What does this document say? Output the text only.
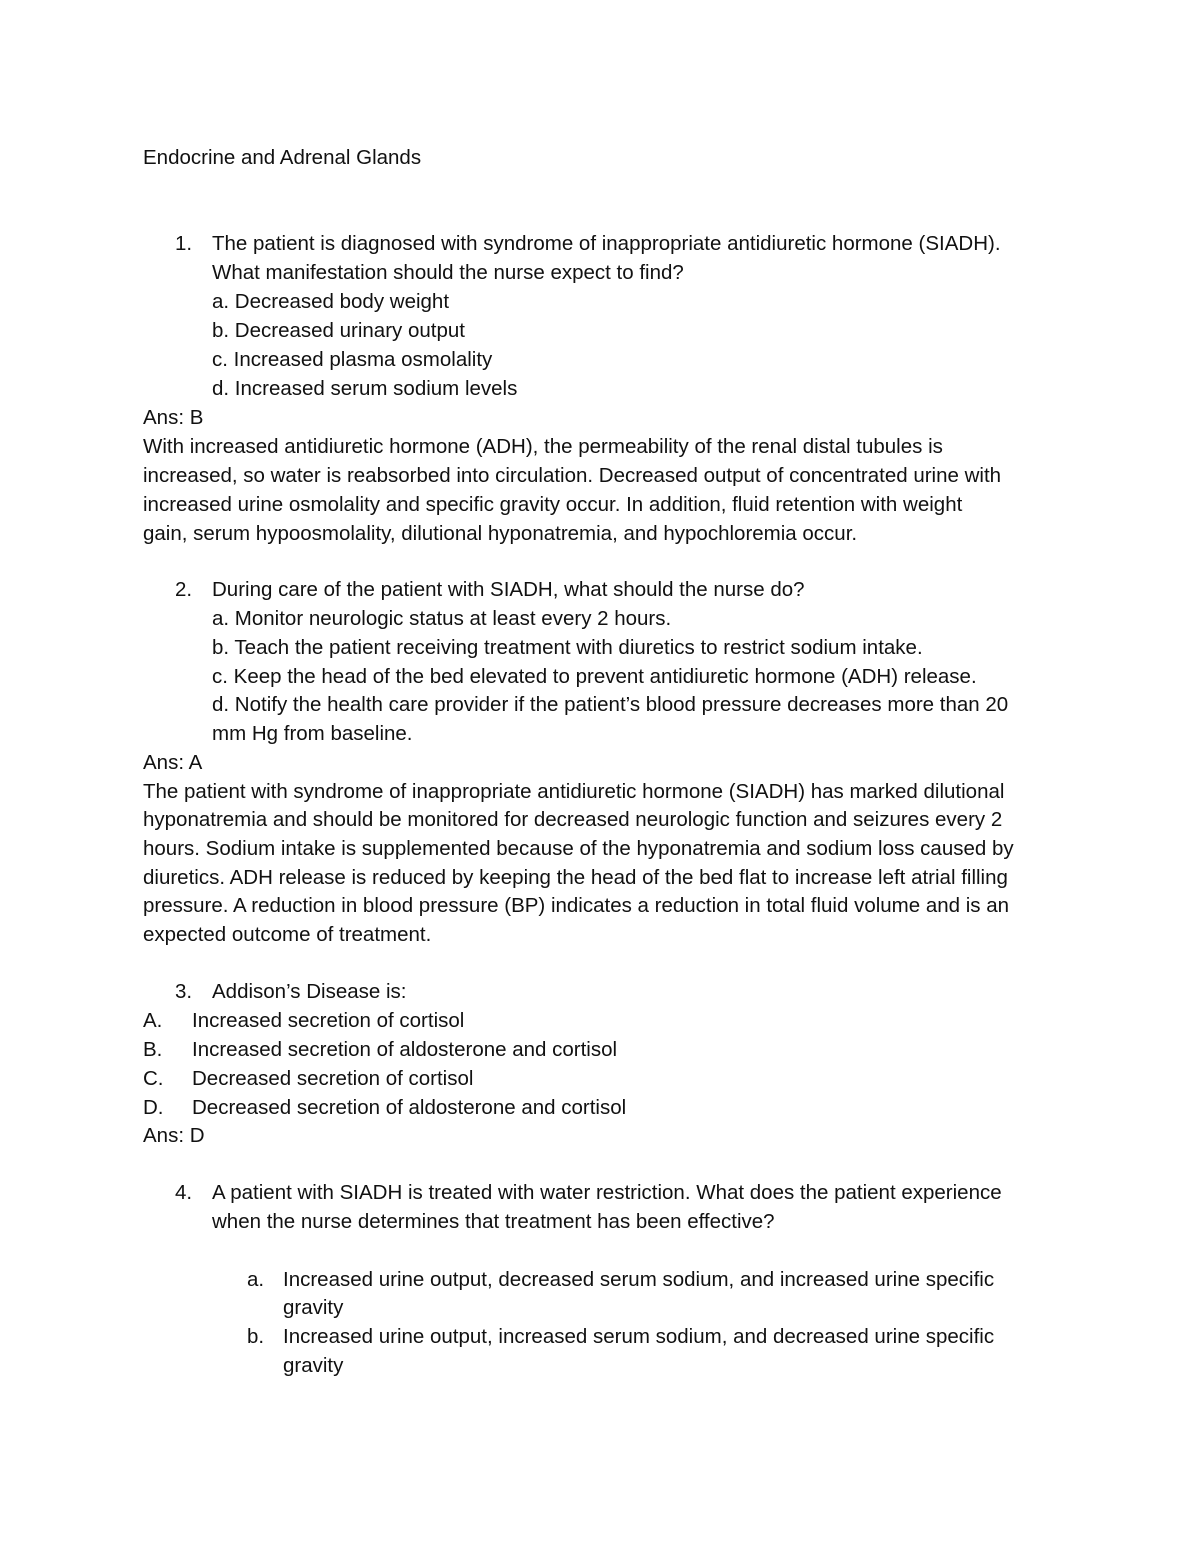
Endocrine and Adrenal Glands
1. The patient is diagnosed with syndrome of inappropriate antidiuretic hormone (SIADH).
What manifestation should the nurse expect to find?
a. Decreased body weight
b. Decreased urinary output
c. Increased plasma osmolality
d. Increased serum sodium levels
Ans: B
With increased antidiuretic hormone (ADH), the permeability of the renal distal tubules is
increased, so water is reabsorbed into circulation. Decreased output of concentrated urine with
increased urine osmolality and specific gravity occur. In addition, fluid retention with weight
gain, serum hypoosmolality, dilutional hyponatremia, and hypochloremia occur.
2. During care of the patient with SIADH, what should the nurse do?
a. Monitor neurologic status at least every 2 hours.
b. Teach the patient receiving treatment with diuretics to restrict sodium intake.
c. Keep the head of the bed elevated to prevent antidiuretic hormone (ADH) release.
d. Notify the health care provider if the patient’s blood pressure decreases more than 20
mm Hg from baseline.
Ans: A
The patient with syndrome of inappropriate antidiuretic hormone (SIADH) has marked dilutional
hyponatremia and should be monitored for decreased neurologic function and seizures every 2
hours. Sodium intake is supplemented because of the hyponatremia and sodium loss caused by
diuretics. ADH release is reduced by keeping the head of the bed flat to increase left atrial filling
pressure. A reduction in blood pressure (BP) indicates a reduction in total fluid volume and is an
expected outcome of treatment.
3. Addison’s Disease is:
A. Increased secretion of cortisol
B. Increased secretion of aldosterone and cortisol
C. Decreased secretion of cortisol
D. Decreased secretion of aldosterone and cortisol
Ans: D
4. A patient with SIADH is treated with water restriction. What does the patient experience
when the nurse determines that treatment has been effective?
a. Increased urine output, decreased serum sodium, and increased urine specific
gravity
b. Increased urine output, increased serum sodium, and decreased urine specific
gravity
